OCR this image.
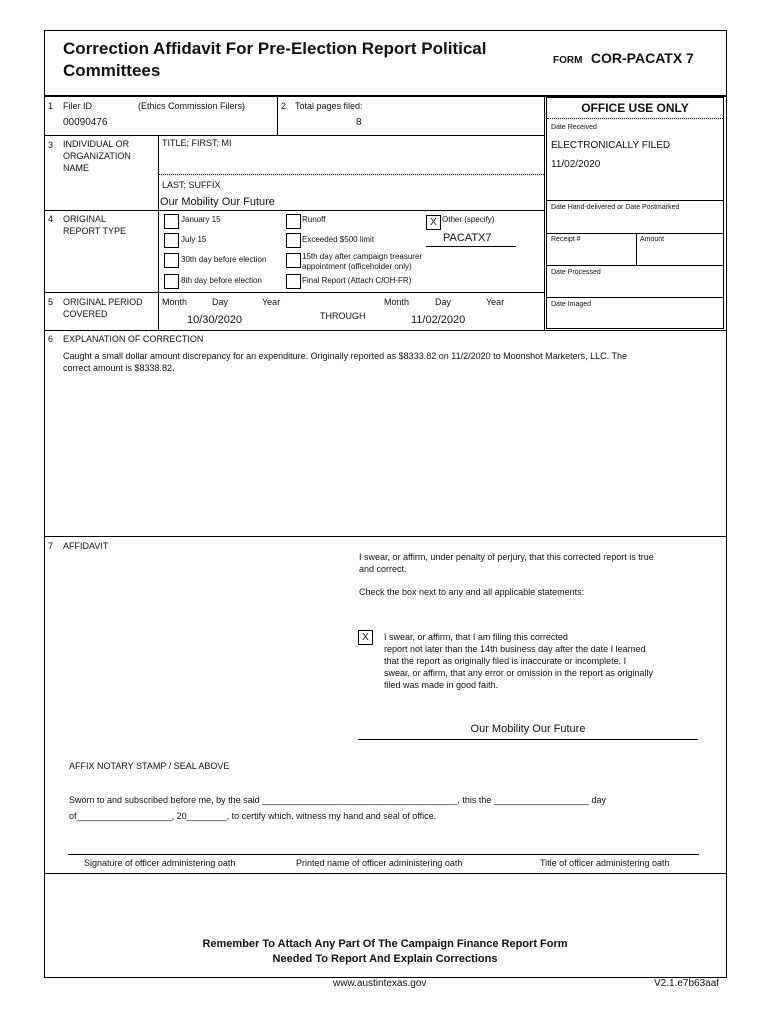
Correction Affidavit For Pre-Election Report Political
Committees
FORM COR-PACATX 7
1 Filer ID	(Ethics Commission Filers)
00090476
2 Total pages filed:
8
3 INDIVIDUAL OR
ORGANIZATION
NAME
TITLE; FIRST; MI
LAST; SUFFIX
Our Mobility Our Future
4 ORIGINAL
REPORT TYPE
January 15
July 15
30th day before election
8th day before election
Runoff
Exceeded $500 limit
15th day after campaign treasurer
appointment (officeholder only)
Final Report (Attach C/OH-FR)
X Other (specify)
PACATX7
5 ORIGINAL PERIOD
COVERED
Month	Day	Year
10/30/2020	THROUGH
Month	Day	Year
11/02/2020
OFFICE USE ONLY
Date Received
ELECTRONICALLY FILED
11/02/2020
Date Hand-delivered or Date Postmarked
Receipt #	Amount
Date Processed
Date Imaged
6 EXPLANATION OF CORRECTION
Caught a small dollar amount discrepancy for an expenditure. Originally reported as $8333.82 on 11/2/2020 to Moonshot Marketers, LLC. The
correct amount is $8338.82.
7 AFFIDAVIT
I swear, or affirm, under penalty of perjury, that this corrected report is true
and correct.
Check the box next to any and all applicable statements:
X	I swear, or affirm, that I am filing this corrected
report not later than the 14th business day after the date I learned
that the report as originally filed is inaccurate or incomplete. I
swear, or affirm, that any error or omission in the report as originally
filed was made in good faith.
Our Mobility Our Future
AFFIX NOTARY STAMP / SEAL ABOVE
Sworn to and subscribed before me, by the said _______________________________________, this the ___________________ day
of___________________, 20________, to certify which, witness my hand and seal of office.
Signature of officer administering oath	Printed name of officer administering oath	Title of officer administering oath
Remember To Attach Any Part Of The Campaign Finance Report Form
Needed To Report And Explain Corrections
www.austintexas.gov	V2.1.e7b63aaf
